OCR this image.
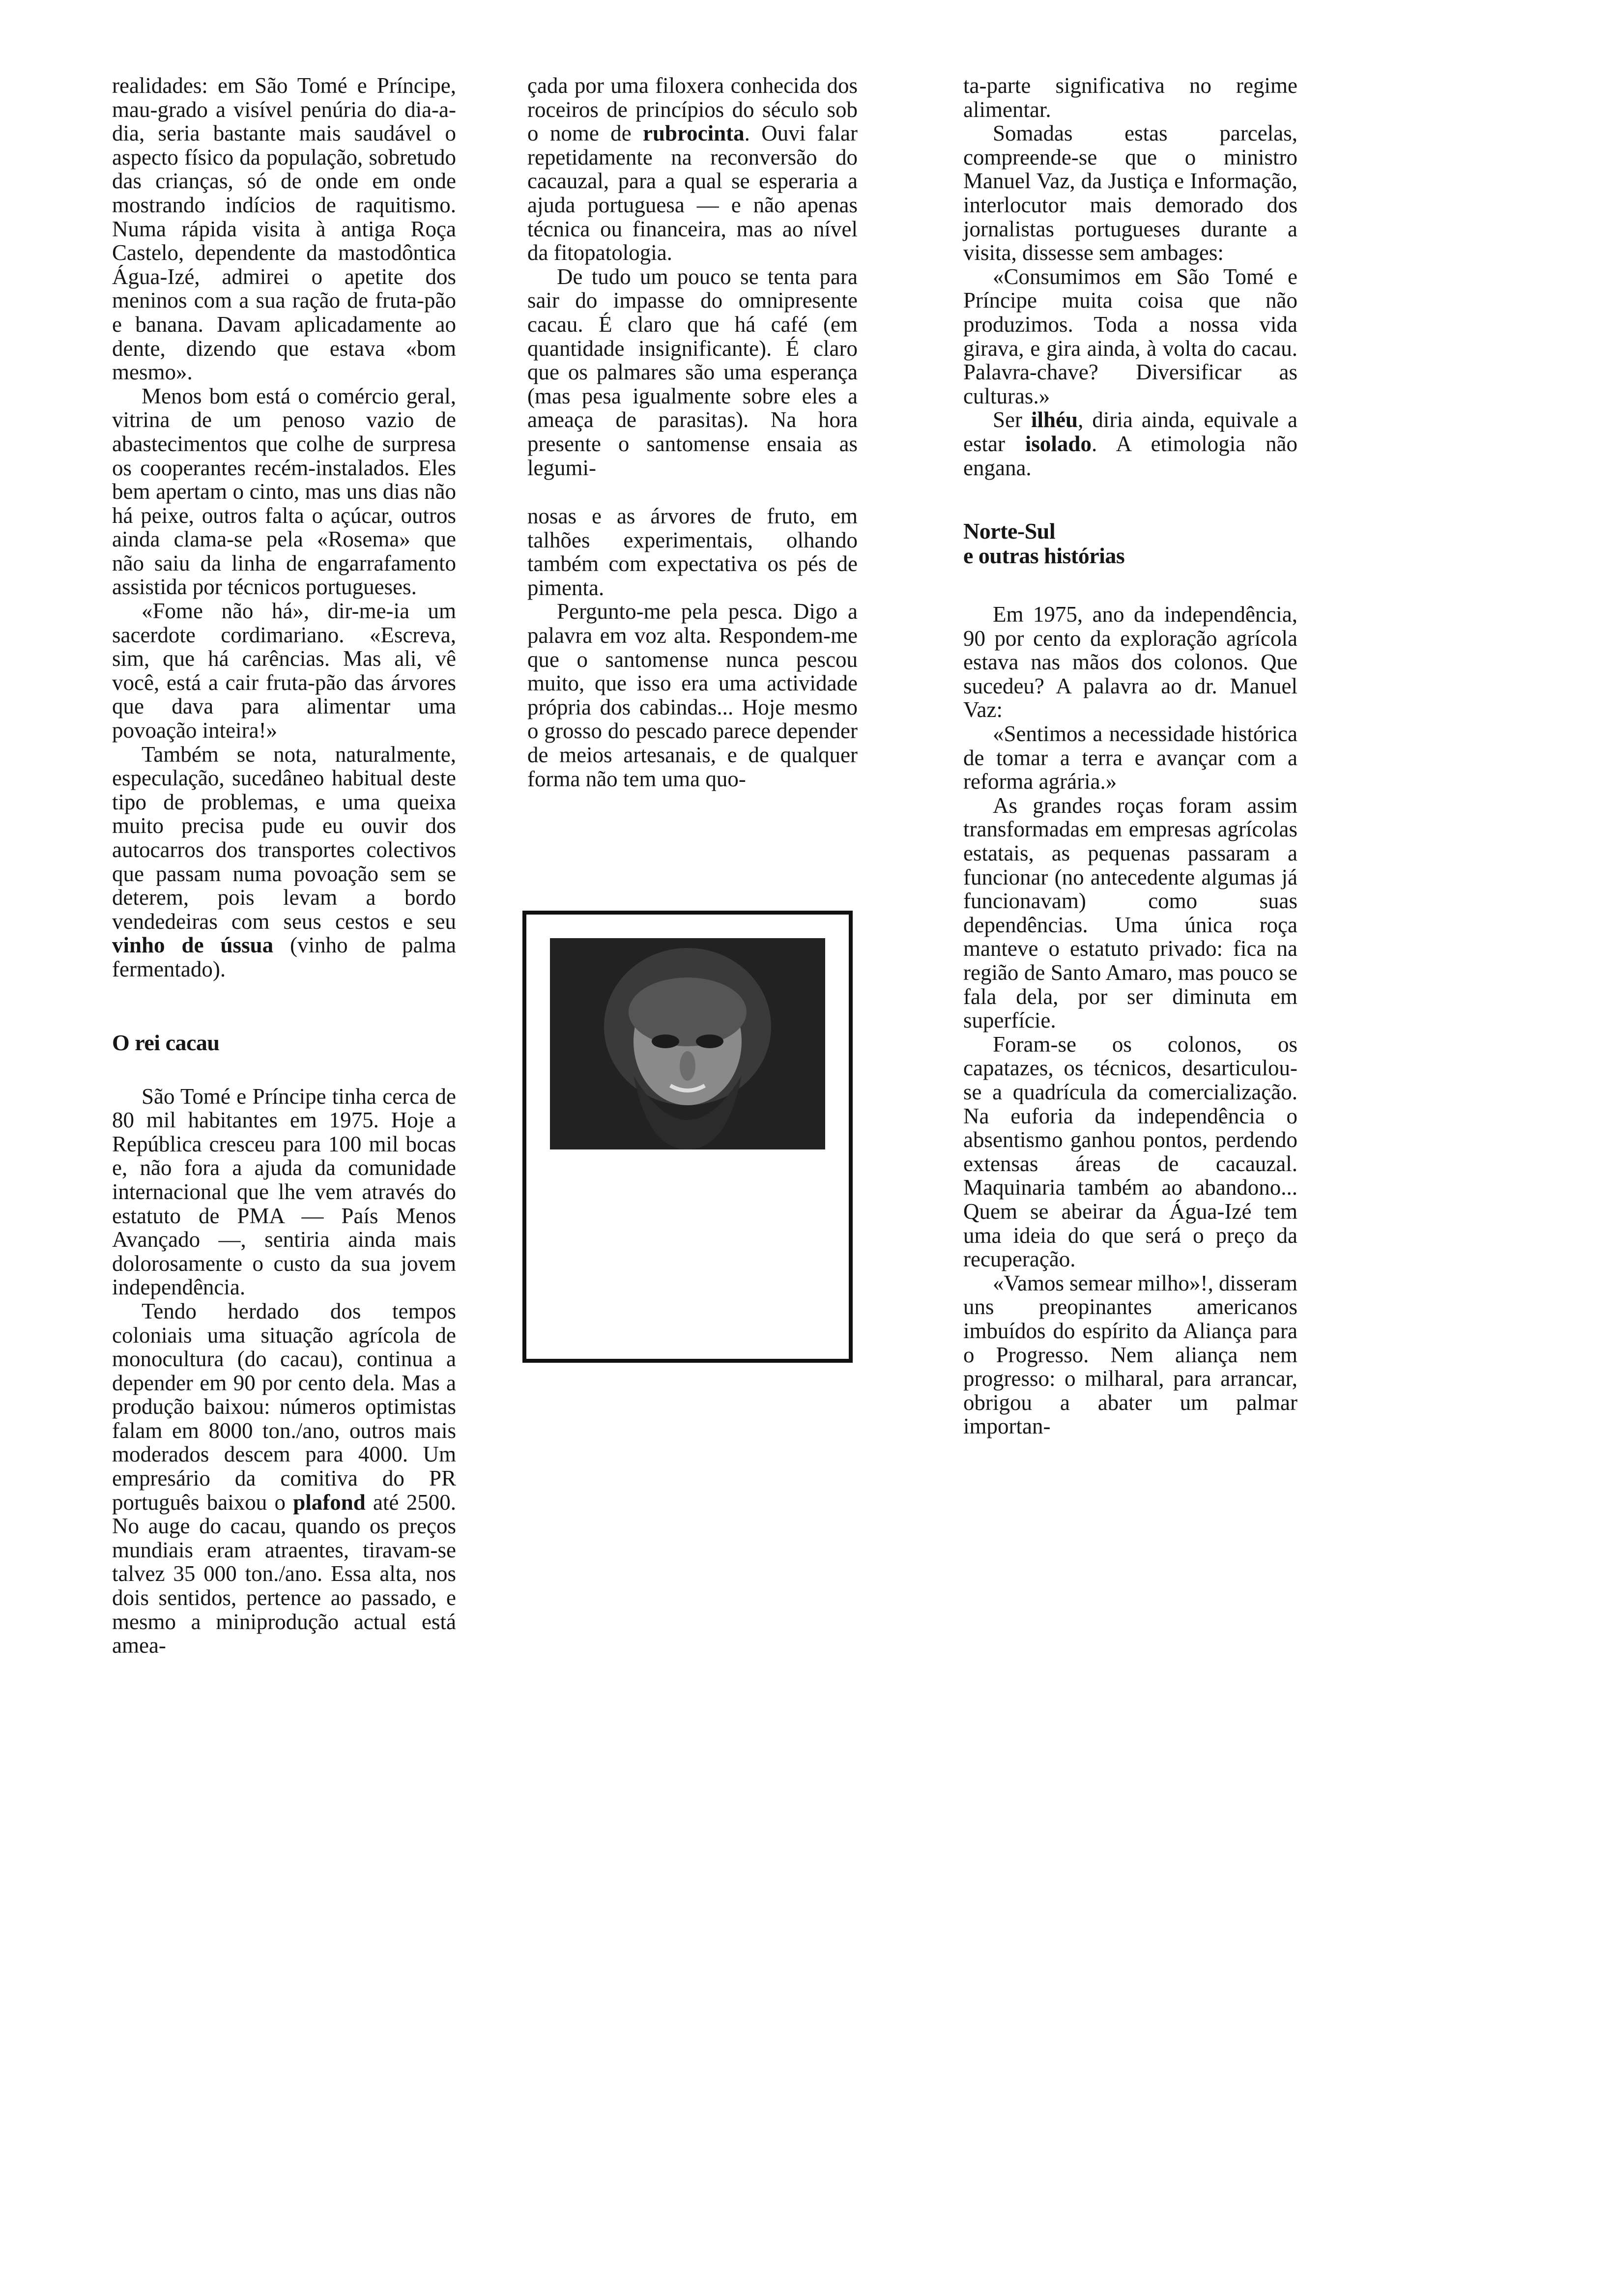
realidades: em São Tomé e Príncipe, mau-grado a visível penúria do dia-a-dia, seria bastante mais saudável o aspecto físico da população, sobretudo das crianças, só de onde em onde mostrando indícios de raquitismo. Numa rápida visita à antiga Roça Castelo, dependente da mastodôntica Água-Izé, admirei o apetite dos meninos com a sua ração de fruta-pão e banana. Davam aplicadamente ao dente, dizendo que estava «bom mesmo».

Menos bom está o comércio geral, vitrina de um penoso vazio de abastecimentos que colhe de surpresa os cooperantes recém-instalados. Eles bem apertam o cinto, mas uns dias não há peixe, outros falta o açúcar, outros ainda clama-se pela «Rosema» que não saiu da linha de engarrafamento assistida por técnicos portugueses.

«Fome não há», dir-me-ia um sacerdote cordimariano. «Escreva, sim, que há carências. Mas ali, vê você, está a cair fruta-pão das árvores que dava para alimentar uma povoação inteira!»

Também se nota, naturalmente, especulação, sucedâneo habitual deste tipo de problemas, e uma queixa muito precisa pude eu ouvir dos autocarros dos transportes colectivos que passam numa povoação sem se deterem, pois levam a bordo vendedeiras com seus cestos e seu vinho de ússua (vinho de palma fermentado).

O rei cacau

São Tomé e Príncipe tinha cerca de 80 mil habitantes em 1975. Hoje a República cresceu para 100 mil bocas e, não fora a ajuda da comunidade internacional que lhe vem através do estatuto de PMA — País Menos Avançado —, sentiria ainda mais dolorosamente o custo da sua jovem independência.

Tendo herdado dos tempos coloniais uma situação agrícola de monocultura (do cacau), continua a depender em 90 por cento dela. Mas a produção baixou: números optimistas falam em 8000 ton./ano, outros mais moderados descem para 4000. Um empresário da comitiva do PR português baixou o plafond até 2500. No auge do cacau, quando os preços mundiais eram atraentes, tiravam-se talvez 35 000 ton./ano. Essa alta, nos dois sentidos, pertence ao passado, e mesmo a miniprodução actual está amea-

çada por uma filoxera conhecida dos roceiros de princípios do século sob o nome de rubrocinta. Ouvi falar repetidamente na reconversão do cacauzal, para a qual se esperaria a ajuda portuguesa — e não apenas técnica ou financeira, mas ao nível da fitopatologia.

De tudo um pouco se tenta para sair do impasse do omnipresente cacau. É claro que há café (em quantidade insignificante). É claro que os palmares são uma esperança (mas pesa igualmente sobre eles a ameaça de parasitas). Na hora presente o santomense ensaia as legumi-

nosas e as árvores de fruto, em talhões experimentais, olhando também com expectativa os pés de pimenta.

Pergunto-me pela pesca. Digo a palavra em voz alta. Respondem-me que o santomense nunca pescou muito, que isso era uma actividade própria dos cabindas... Hoje mesmo o grosso do pescado parece depender de meios artesanais, e de qualquer forma não tem uma quo-

ta-parte significativa no regime alimentar.

Somadas estas parcelas, compreende-se que o ministro Manuel Vaz, da Justiça e Informação, interlocutor mais demorado dos jornalistas portugueses durante a visita, dissesse sem ambages:

«Consumimos em São Tomé e Príncipe muita coisa que não produzimos. Toda a nossa vida girava, e gira ainda, à volta do cacau. Palavra-chave? Diversificar as culturas.»

Ser ilhéu, diria ainda, equivale a estar isolado. A etimologia não engana.

Norte-Sul
e outras histórias

Em 1975, ano da independência, 90 por cento da exploração agrícola estava nas mãos dos colonos. Que sucedeu? A palavra ao dr. Manuel Vaz:

«Sentimos a necessidade histórica de tomar a terra e avançar com a reforma agrária.»

As grandes roças foram assim transformadas em empresas agrícolas estatais, as pequenas passaram a funcionar (no antecedente algumas já funcionavam) como suas dependências. Uma única roça manteve o estatuto privado: fica na região de Santo Amaro, mas pouco se fala dela, por ser diminuta em superfície.

Foram-se os colonos, os capatazes, os técnicos, desarticulou-se a quadrícula da comercialização. Na euforia da independência o absentismo ganhou pontos, perdendo extensas áreas de cacauzal. Maquinaria também ao abandono... Quem se abeirar da Água-Izé tem uma ideia do que será o preço da recuperação.

«Vamos semear milho»!, disseram uns preopinantes americanos imbuídos do espírito da Aliança para o Progresso. Nem aliança nem progresso: o milharal, para arrancar, obrigou a abater um palmar importan-
